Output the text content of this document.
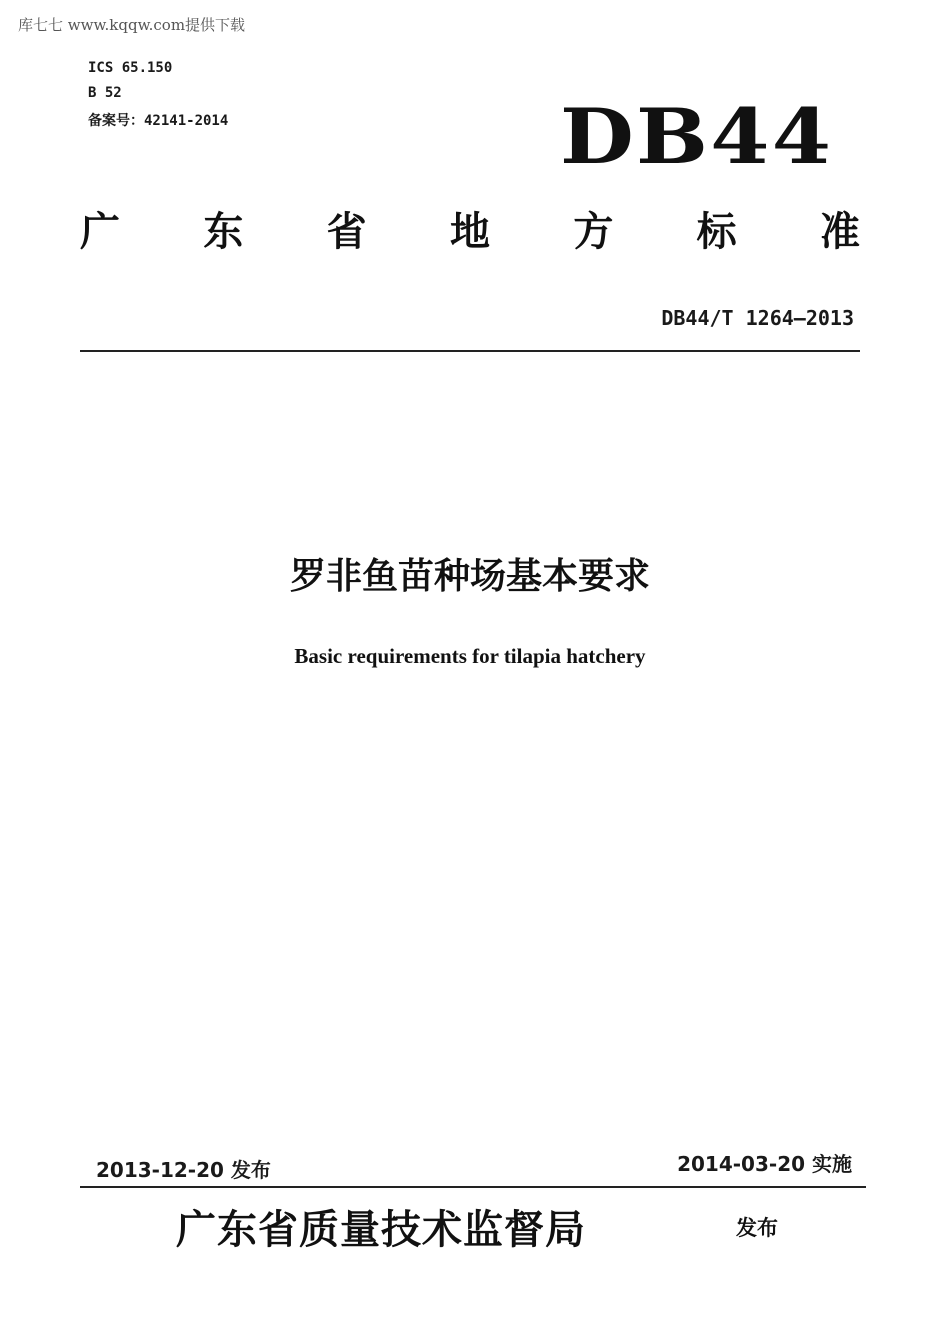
库七七 www.kqqw.com提供下载
ICS 65.150
B 52
备案号：42141-2014	DB44
广 东 省 地 方 标 准
DB44/T 1264—2013
罗非鱼苗种场基本要求
Basic requirements for tilapia hatchery
2013-12-20 发布	2014-03-20 实施
广东省质量技术监督局	发布
